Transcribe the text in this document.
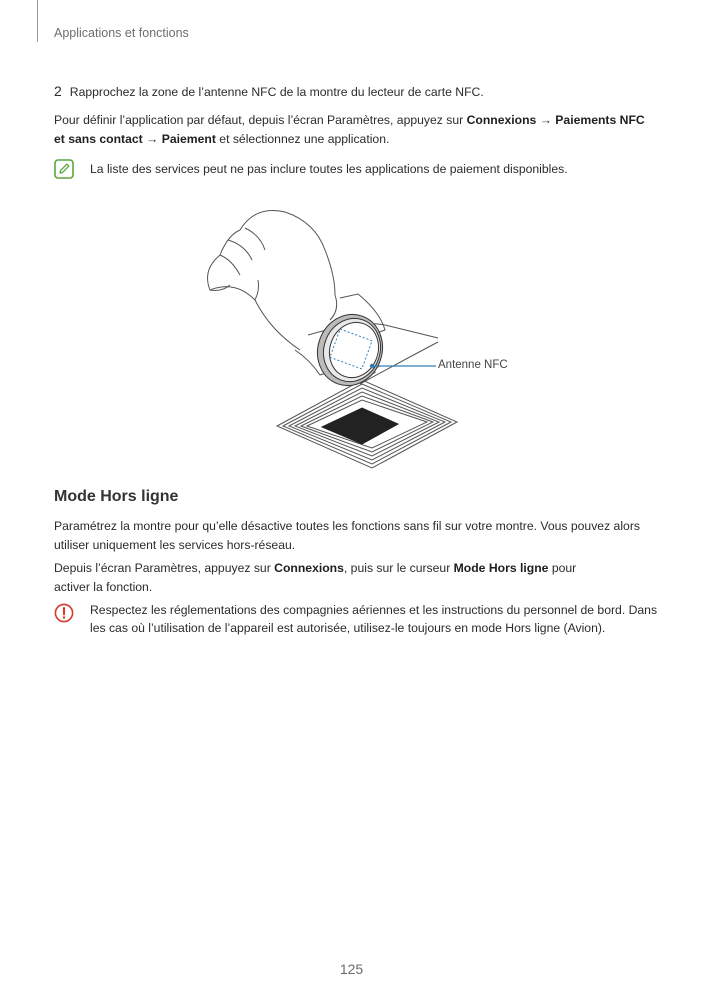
Applications et fonctions
2 Rapprochez la zone de l’antenne NFC de la montre du lecteur de carte NFC.
Pour définir l’application par défaut, depuis l’écran Paramètres, appuyez sur Connexions → Paiements NFC et sans contact → Paiement et sélectionnez une application.
La liste des services peut ne pas inclure toutes les applications de paiement disponibles.
Antenne NFC
Mode Hors ligne
Paramétrez la montre pour qu’elle désactive toutes les fonctions sans fil sur votre montre. Vous pouvez alors utiliser uniquement les services hors-réseau.
Depuis l’écran Paramètres, appuyez sur Connexions, puis sur le curseur Mode Hors ligne pour activer la fonction.
Respectez les réglementations des compagnies aériennes et les instructions du personnel de bord. Dans les cas où l’utilisation de l’appareil est autorisée, utilisez-le toujours en mode Hors ligne (Avion).
125
